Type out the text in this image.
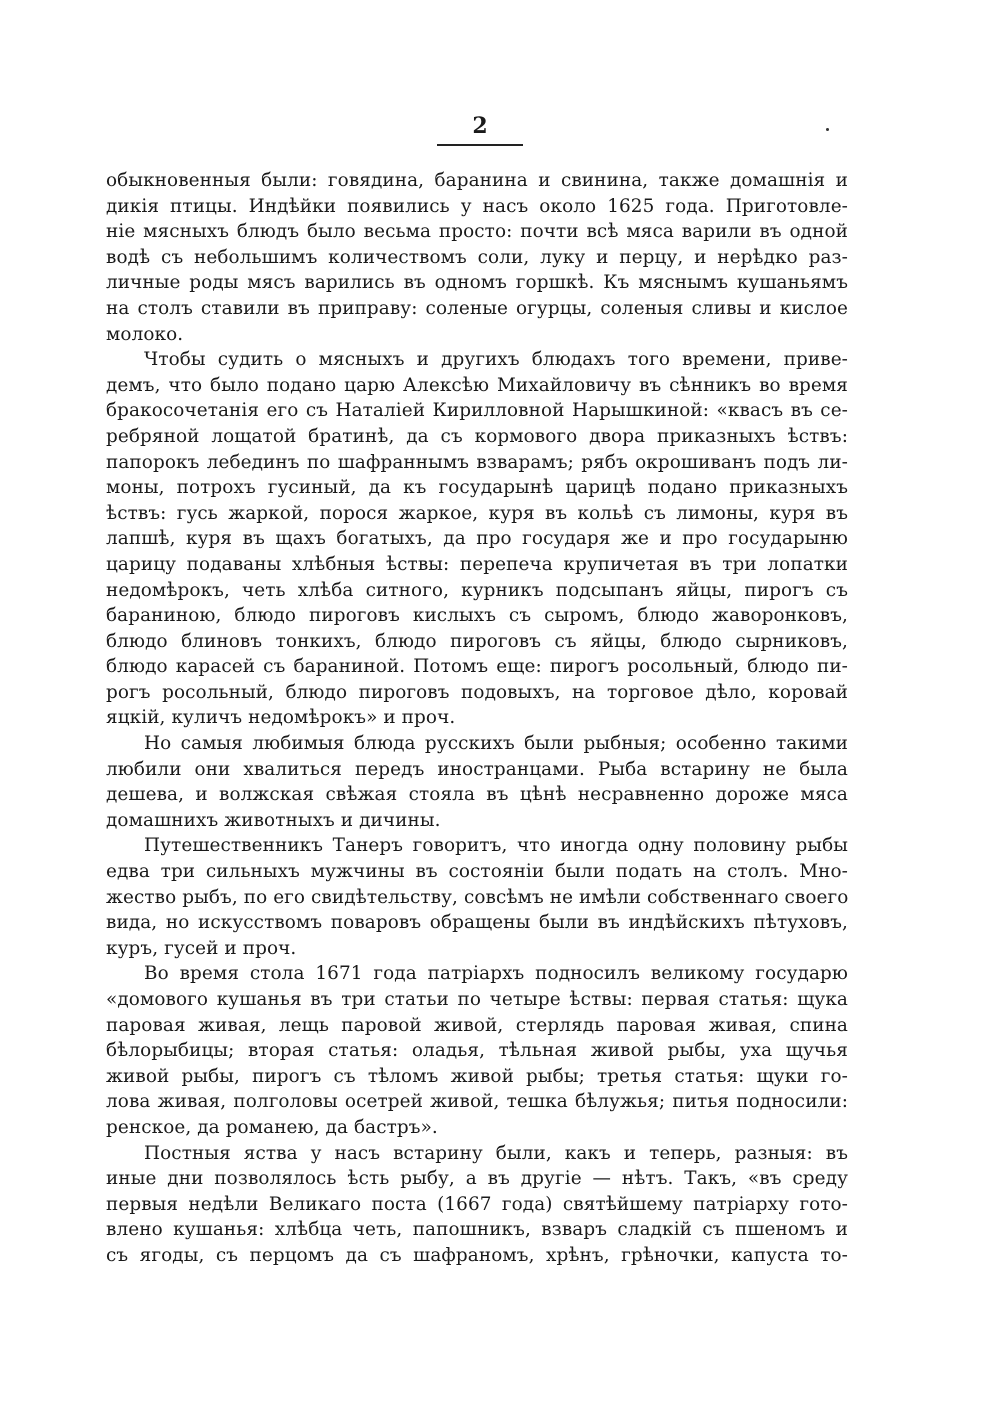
2
обыкновенныя были: говядина, баранина и свинина, также домашнія и
дикія птицы. Индѣйки появились у насъ около 1625 года. Приготовле-
ніе мясныхъ блюдъ было весьма просто: почти всѣ мяса варили въ одной
водѣ съ небольшимъ количествомъ соли, луку и перцу, и нерѣдко раз-
личные роды мясъ варились въ одномъ горшкѣ. Къ мяснымъ кушаньямъ
на столъ ставили въ приправу: соленые огурцы, соленыя сливы и кислое
молоко.
Чтобы судить о мясныхъ и другихъ блюдахъ того времени, приве-
демъ, что было подано царю Алексѣю Михайловичу въ сѣнникъ во время
бракосочетанія его съ Наталіей Кирилловной Нарышкиной: «квасъ въ се-
ребряной лощатой братинѣ, да съ кормового двора приказныхъ ѣствъ:
папорокъ лебединъ по шафраннымъ взварамъ; рябъ окрошиванъ подъ ли-
моны, потрохъ гусиный, да къ государынѣ царицѣ подано приказныхъ
ѣствъ: гусь жаркой, порося жаркое, куря въ кольѣ съ лимоны, куря въ
лапшѣ, куря въ щахъ богатыхъ, да про государя же и про государыню
царицу подаваны хлѣбныя ѣствы: перепеча крупичетая въ три лопатки
недомѣрокъ, четь хлѣба ситного, курникъ подсыпанъ яйцы, пирогъ съ
бараниною, блюдо пироговъ кислыхъ съ сыромъ, блюдо жаворонковъ,
блюдо блиновъ тонкихъ, блюдо пироговъ съ яйцы, блюдо сырниковъ,
блюдо карасей съ бараниной. Потомъ еще: пирогъ росольный, блюдо пи-
рогъ росольный, блюдо пироговъ подовыхъ, на торговое дѣло, коровай
яцкій, куличъ недомѣрокъ» и проч.
Но самыя любимыя блюда русскихъ были рыбныя; особенно такими
любили они хвалиться передъ иностранцами. Рыба встарину не была
дешева, и волжская свѣжая стояла въ цѣнѣ несравненно дороже мяса
домашнихъ животныхъ и дичины.
Путешественникъ Танеръ говоритъ, что иногда одну половину рыбы
едва три сильныхъ мужчины въ состояніи были подать на столъ. Мно-
жество рыбъ, по его свидѣтельству, совсѣмъ не имѣли собственнаго своего
вида, но искусствомъ поваровъ обращены были въ индѣйскихъ пѣтуховъ,
куръ, гусей и проч.
Во время стола 1671 года патріархъ подносилъ великому государю
«домового кушанья въ три статьи по четыре ѣствы: первая статья: щука
паровая живая, лещь паровой живой, стерлядь паровая живая, спина
бѣлорыбицы; вторая статья: оладья, тѣльная живой рыбы, уха щучья
живой рыбы, пирогъ съ тѣломъ живой рыбы; третья статья: щуки го-
лова живая, полголовы осетрей живой, тешка бѣлужья; питья подносили:
ренское, да романею, да бастръ».
Постныя яства у насъ встарину были, какъ и теперь, разныя: въ
иные дни позволялось ѣсть рыбу, а въ другіе — нѣтъ. Такъ, «въ среду
первыя недѣли Великаго поста (1667 года) святѣйшему патріарху гото-
влено кушанья: хлѣбца четь, папошникъ, взваръ сладкій съ пшеномъ и
съ ягоды, съ перцомъ да съ шафраномъ, хрѣнъ, грѣночки, капуста то-
